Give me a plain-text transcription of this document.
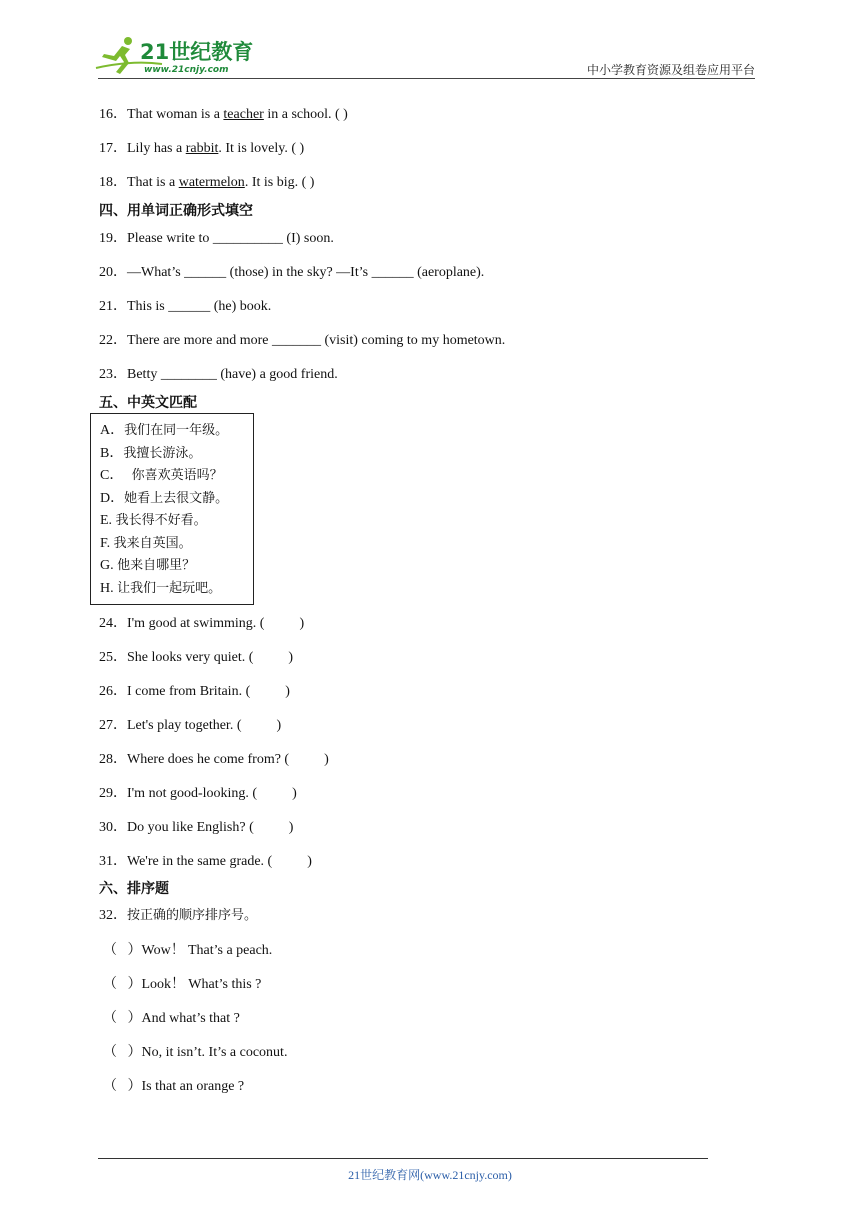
21世纪教育
www.21cnjy.com	中小学教育资源及组卷应用平台
16．That woman is a teacher in a school. ( )
17．Lily has a rabbit. It is lovely. ( )
18．That is a watermelon. It is big. ( )
四、用单词正确形式填空
19．Please write to __________ (I) soon.
20．—What’s ______ (those) in the sky? —It’s ______ (aeroplane).
21．This is ______ (he) book.
22．There are more and more _______ (visit) coming to my hometown.
23．Betty ________ (have) a good friend.
五、中英文匹配
A．我们在同一年级。
B．我擅长游泳。
C．  你喜欢英语吗？
D．她看上去很文静。
E. 我长得不好看。
F. 我来自英国。
G. 他来自哪里？
H. 让我们一起玩吧。
24．I'm good at swimming. (          )
25．She looks very quiet. (          )
26．I come from Britain. (          )
27．Let's play together. (          )
28．Where does he come from? (          )
29．I'm not good-looking. (          )
30．Do you like English? (          )
31．We're in the same grade. (          )
六、排序题
32．按正确的顺序排序号。
（   ）Wow！ That’s a peach.
（   ）Look！ What’s this ?
（   ）And what’s that ?
（   ）No, it isn’t. It’s a coconut.
（   ）Is that an orange ?
21世纪教育网(www.21cnjy.com)
